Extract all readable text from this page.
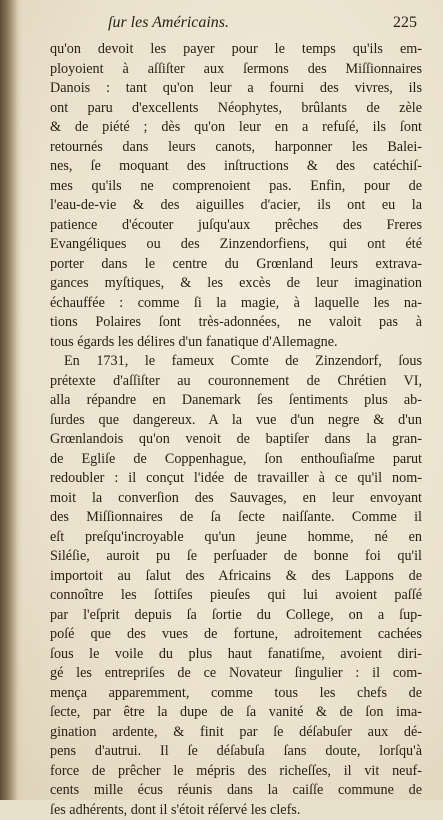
ſur les Américains.	225
qu'on devoit les payer pour le temps qu'ils em-
ployoient à aſſiſter aux ſermons des Miſſionnaires
Danois : tant qu'on leur a fourni des vivres, ils
ont paru d'excellents Néophytes, brûlants de zèle
& de piété ; dès qu'on leur en a refuſé, ils ſont
retournés dans leurs canots, harponner les Balei-
nes, ſe moquant des inſtructions & des catéchiſ-
mes qu'ils ne comprenoient pas. Enfin, pour de
l'eau-de-vie & des aiguilles d'acier, ils ont eu la
patience d'écouter juſqu'aux prêches des Freres
Evangéliques ou des Zinzendorfiens, qui ont été
porter dans le centre du Grœnland leurs extrava-
gances myſtiques, & les excès de leur imagination
échauffée : comme ſi la magie, à laquelle les na-
tions Polaires ſont très-adonnées, ne valoit pas à
tous égards les délires d'un fanatique d'Allemagne.
En 1731, le fameux Comte de Zinzendorf, ſous
prétexte d'aſſiſter au couronnement de Chrétien VI,
alla répandre en Danemark ſes ſentiments plus ab-
ſurdes que dangereux. A la vue d'un negre & d'un
Grœnlandois qu'on venoit de baptiſer dans la gran-
de Egliſe de Coppenhague, ſon enthouſiaſme parut
redoubler : il conçut l'idée de travailler à ce qu'il nom-
moit la converſion des Sauvages, en leur envoyant
des Miſſionnaires de ſa ſecte naiſſante. Comme il
eſt preſqu'incroyable qu'un jeune homme, né en
Siléſie, auroit pu ſe perſuader de bonne foi qu'il
importoit au ſalut des Africains & des Lappons de
connoître les ſottiſes pieuſes qui lui avoient paſſé
par l'eſprit depuis ſa ſortie du College, on a ſup-
poſé que des vues de fortune, adroitement cachées
ſous le voile du plus haut fanatiſme, avoient diri-
gé les entrepriſes de ce Novateur ſingulier : il com-
mença apparemment, comme tous les chefs de
ſecte, par être la dupe de ſa vanité & de ſon ima-
gination ardente, & finit par ſe déſabuſer aux dé-
pens d'autrui. Il ſe déſabuſa ſans doute, lorſqu'à
force de prêcher le mépris des richeſſes, il vit neuf-
cents mille écus réunis dans la caiſſe commune de
ſes adhérents, dont il s'étoit réſervé les clefs.
